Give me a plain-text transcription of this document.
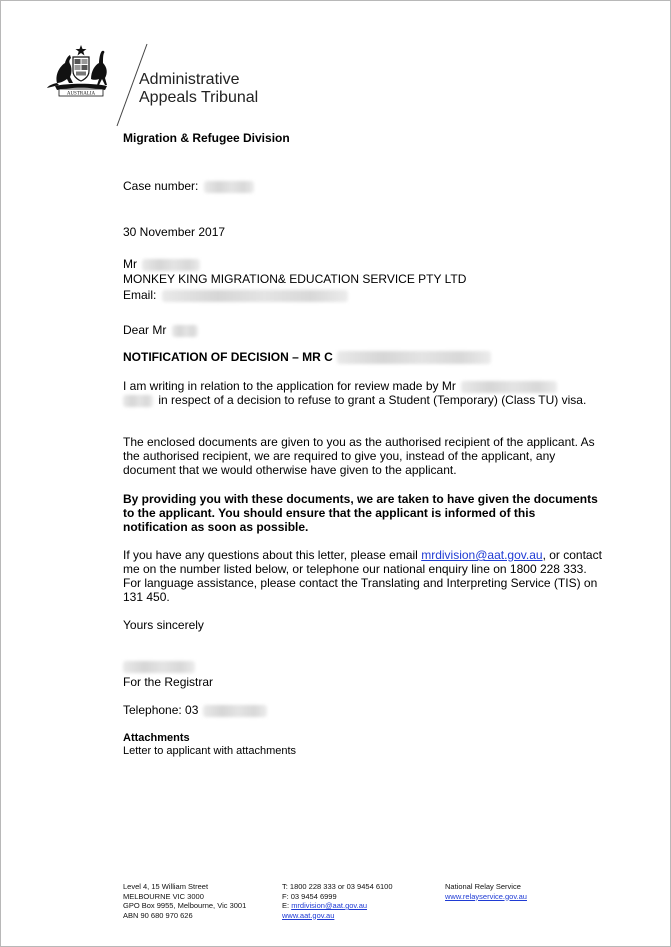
AUSTRALIA
Administrative
Appeals Tribunal
Migration & Refugee Division
Case number:
30 November 2017
Mr
MONKEY KING MIGRATION& EDUCATION SERVICE PTY LTD
Email:
Dear Mr
NOTIFICATION OF DECISION – MR C
I am writing in relation to the application for review made by Mr
in respect of a decision to refuse to grant a Student (Temporary) (Class TU) visa.
The enclosed documents are given to you as the authorised recipient of the applicant. As the authorised recipient, we are required to give you, instead of the applicant, any document that we would otherwise have given to the applicant.
By providing you with these documents, we are taken to have given the documents to the applicant. You should ensure that the applicant is informed of this notification as soon as possible.
If you have any questions about this letter, please email mrdivision@aat.gov.au, or contact me on the number listed below, or telephone our national enquiry line on 1800 228 333. For language assistance, please contact the Translating and Interpreting Service (TIS) on 131 450.
Yours sincerely
For the Registrar
Telephone: 03
Attachments
Letter to applicant with attachments
Level 4, 15 William Street
MELBOURNE VIC 3000
GPO Box 9955, Melbourne, Vic 3001
ABN 90 680 970 626
T: 1800 228 333 or 03 9454 6100
F: 03 9454 6999
E: mrdivision@aat.gov.au
www.aat.gov.au
National Relay Service
www.relayservice.gov.au
